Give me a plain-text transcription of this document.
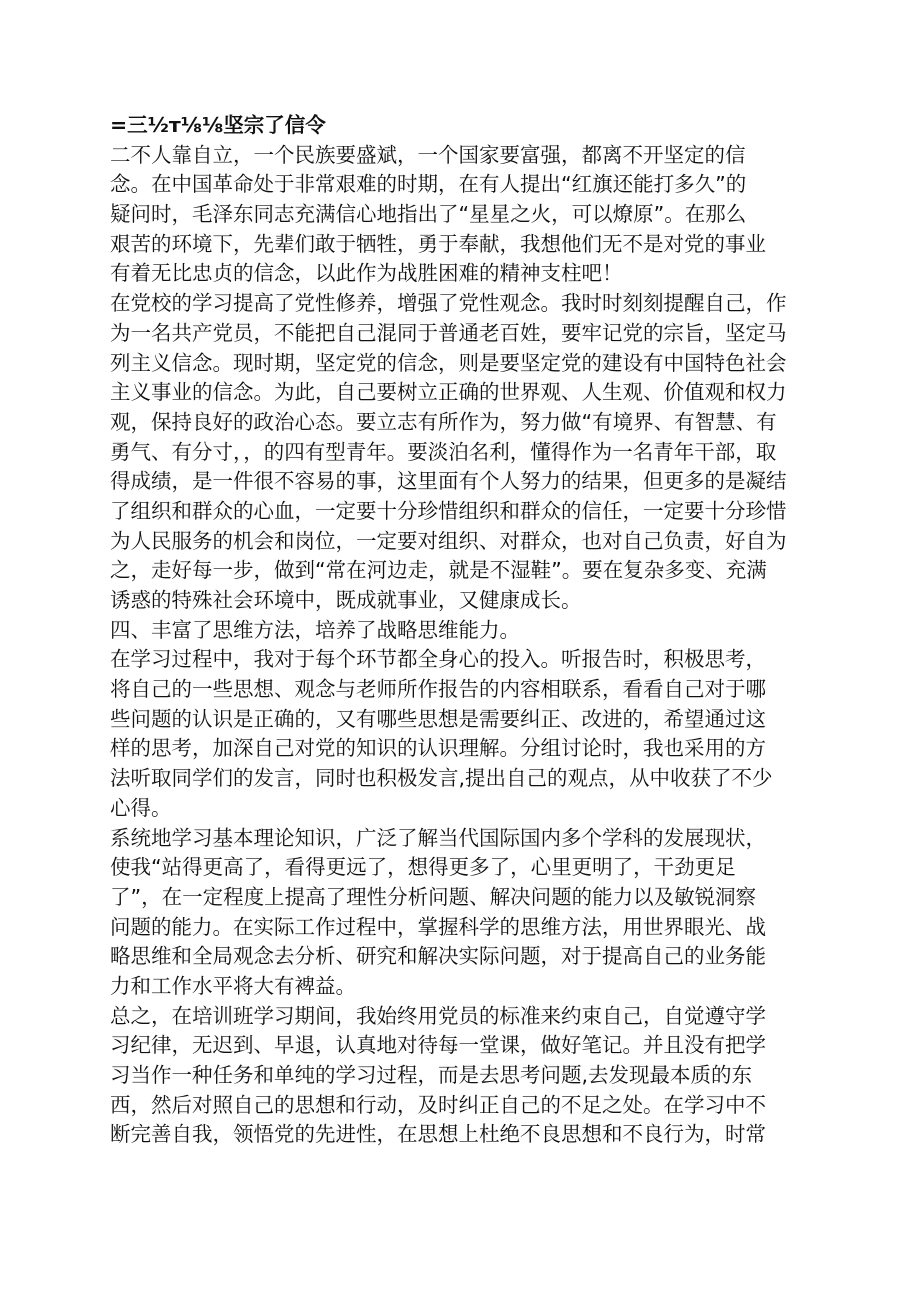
=三½т⅛⅛坚宗了信令
二不人靠自立，一个民族要盛斌，一个国家要富强，都离不开坚定的信
念。在中国革命处于非常艰难的时期，在有人提出“红旗还能打多久”的
疑问时，毛泽东同志充满信心地指出了“星星之火，可以燎原”。在那么
艰苦的环境下，先辈们敢于牺牲，勇于奉献，我想他们无不是对党的事业
有着无比忠贞的信念，以此作为战胜困难的精神支柱吧！
在党校的学习提高了党性修养，增强了党性观念。我时时刻刻提醒自己，作
为一名共产党员，不能把自己混同于普通老百姓，要牢记党的宗旨，坚定马
列主义信念。现时期，坚定党的信念，则是要坚定党的建设有中国特色社会
主义事业的信念。为此，自己要树立正确的世界观、人生观、价值观和权力
观，保持良好的政治心态。要立志有所作为，努力做“有境界、有智慧、有
勇气、有分寸，，的四有型青年。要淡泊名利，懂得作为一名青年干部，取
得成绩，是一件很不容易的事，这里面有个人努力的结果，但更多的是凝结
了组织和群众的心血，一定要十分珍惜组织和群众的信任，一定要十分珍惜
为人民服务的机会和岗位，一定要对组织、对群众，也对自己负责，好自为
之，走好每一步，做到“常在河边走，就是不湿鞋”。要在复杂多变、充满
诱惑的特殊社会环境中，既成就事业，又健康成长。
四、丰富了思维方法，培养了战略思维能力。
在学习过程中，我对于每个环节都全身心的投入。听报告时，积极思考，
将自己的一些思想、观念与老师所作报告的内容相联系，看看自己对于哪
些问题的认识是正确的，又有哪些思想是需要纠正、改进的，希望通过这
样的思考，加深自己对党的知识的认识理解。分组讨论时，我也采用的方
法听取同学们的发言，同时也积极发言,提出自己的观点，从中收获了不少
心得。
系统地学习基本理论知识，广泛了解当代国际国内多个学科的发展现状，
使我“站得更高了，看得更远了，想得更多了，心里更明了，干劲更足
了”，在一定程度上提高了理性分析问题、解决问题的能力以及敏锐洞察
问题的能力。在实际工作过程中，掌握科学的思维方法，用世界眼光、战
略思维和全局观念去分析、研究和解决实际问题，对于提高自己的业务能
力和工作水平将大有裨益。
总之，在培训班学习期间，我始终用党员的标准来约束自己，自觉遵守学
习纪律，无迟到、早退，认真地对待每一堂课，做好笔记。并且没有把学
习当作一种任务和单纯的学习过程，而是去思考问题,去发现最本质的东
西，然后对照自己的思想和行动，及时纠正自己的不足之处。在学习中不
断完善自我，领悟党的先进性，在思想上杜绝不良思想和不良行为，时常
